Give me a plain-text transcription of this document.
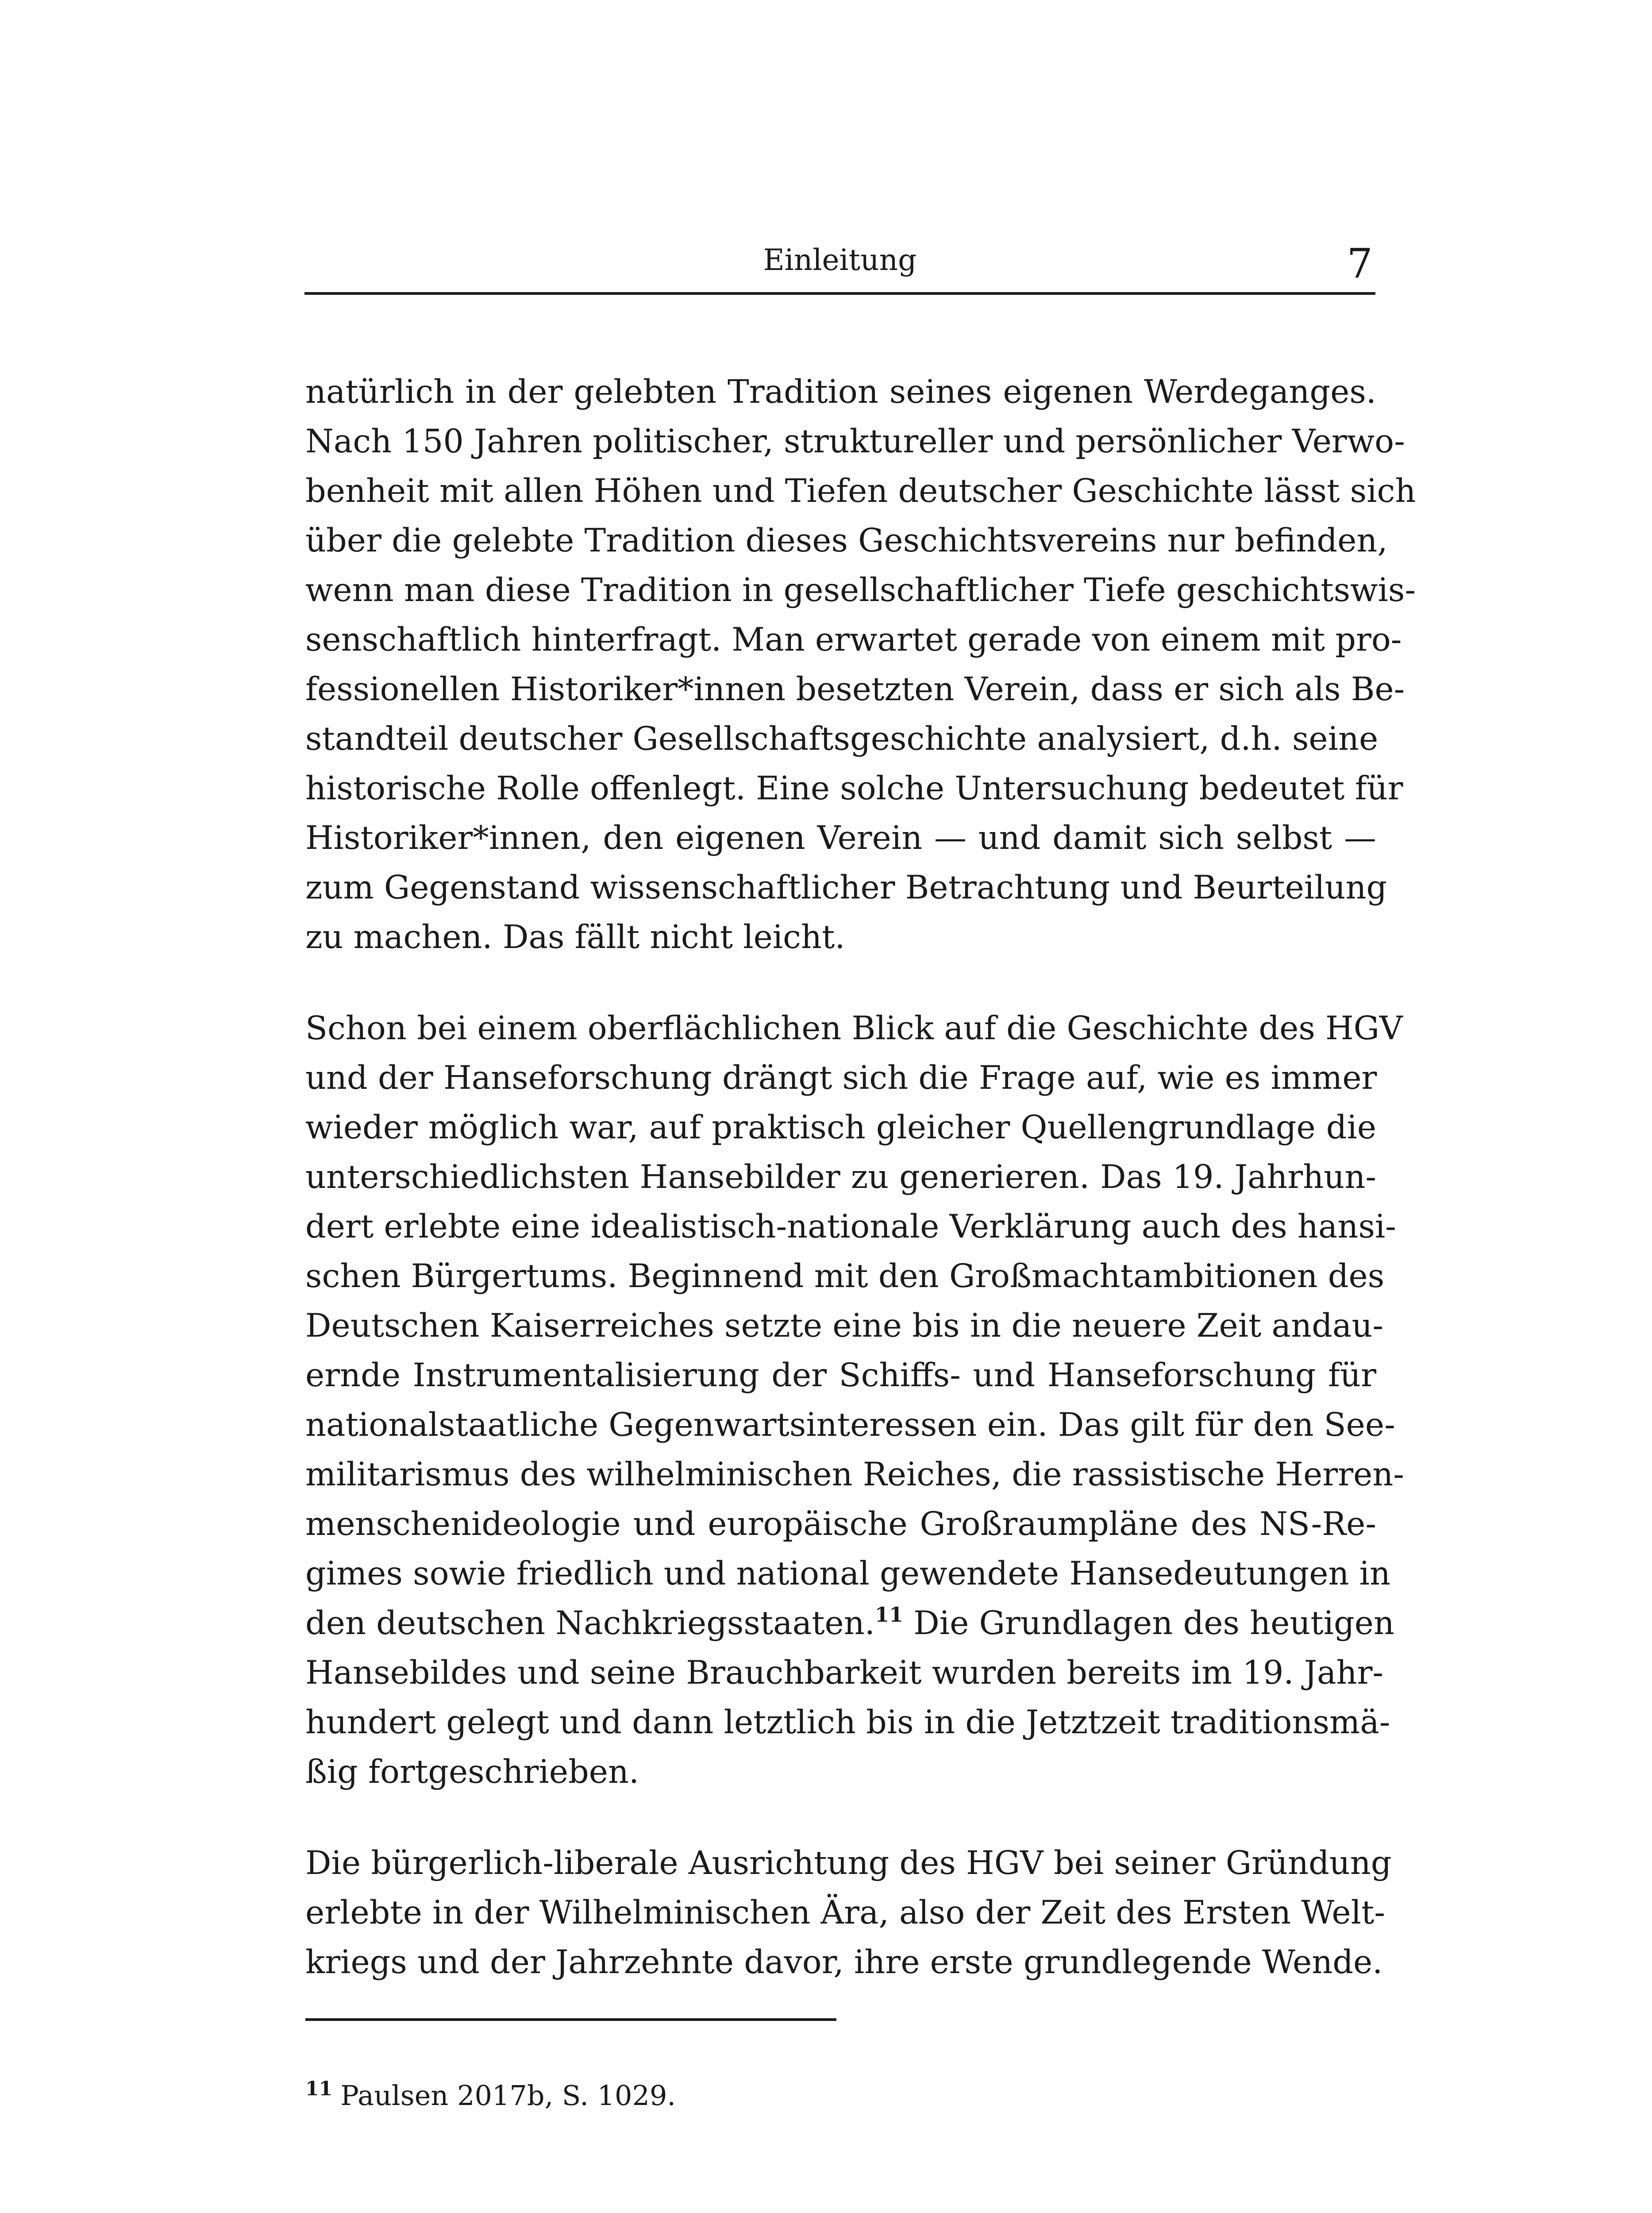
Einleitung	7

natürlich in der gelebten Tradition seines eigenen Werdeganges.
Nach 150 Jahren politischer, struktureller und persönlicher Verwo-
benheit mit allen Höhen und Tiefen deutscher Geschichte lässt sich
über die gelebte Tradition dieses Geschichtsvereins nur befinden,
wenn man diese Tradition in gesellschaftlicher Tiefe geschichtswis-
senschaftlich hinterfragt. Man erwartet gerade von einem mit pro-
fessionellen Historiker*innen besetzten Verein, dass er sich als Be-
standteil deutscher Gesellschaftsgeschichte analysiert, d.h. seine
historische Rolle offenlegt. Eine solche Untersuchung bedeutet für
Historiker*innen, den eigenen Verein — und damit sich selbst —
zum Gegenstand wissenschaftlicher Betrachtung und Beurteilung
zu machen. Das fällt nicht leicht.

Schon bei einem oberflächlichen Blick auf die Geschichte des HGV
und der Hanseforschung drängt sich die Frage auf, wie es immer
wieder möglich war, auf praktisch gleicher Quellengrundlage die
unterschiedlichsten Hansebilder zu generieren. Das 19. Jahrhun-
dert erlebte eine idealistisch-nationale Verklärung auch des hansi-
schen Bürgertums. Beginnend mit den Großmachtambitionen des
Deutschen Kaiserreiches setzte eine bis in die neuere Zeit andau-
ernde Instrumentalisierung der Schiffs- und Hanseforschung für
nationalstaatliche Gegenwartsinteressen ein. Das gilt für den See-
militarismus des wilhelminischen Reiches, die rassistische Herren-
menschenideologie und europäische Großraumpläne des NS-Re-
gimes sowie friedlich und national gewendete Hansedeutungen in
den deutschen Nachkriegsstaaten.$^{11}$ Die Grundlagen des heutigen
Hansebildes und seine Brauchbarkeit wurden bereits im 19. Jahr-
hundert gelegt und dann letztlich bis in die Jetztzeit traditionsmä-
ßig fortgeschrieben.

Die bürgerlich-liberale Ausrichtung des HGV bei seiner Gründung
erlebte in der Wilhelminischen Ära, also der Zeit des Ersten Welt-
kriegs und der Jahrzehnte davor, ihre erste grundlegende Wende.

$^{11}$ Paulsen 2017b, S. 1029.
